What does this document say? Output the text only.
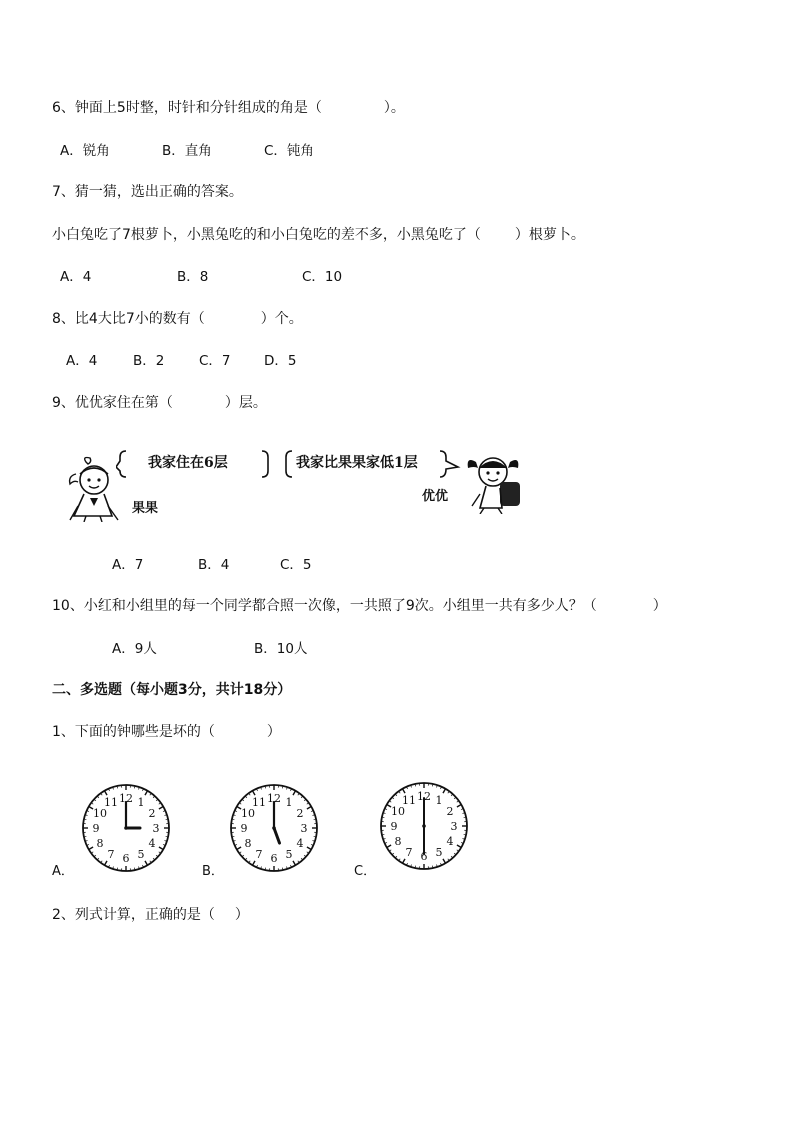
6、钟面上5时整，时针和分针组成的角是（	）。
A．锐角	B．直角	C．钝角
7、猜一猜，选出正确的答案。
小白兔吃了7根萝卜，小黑兔吃的和小白兔吃的差不多，小黑兔吃了（ ）根萝卜。
A．4	B．8	C．10
8、比4大比7小的数有（	）个。
A．4	B．2	C．7 D．5
9、优优家住在第（	）层。
我家住在6层	我家比果果家低1层
果果
优优
A．7	B．4	C．5
10、小红和小组里的每一个同学都合照一次像，一共照了9次。小组里一共有多少人？（	）
A．9人	B．10人
二、多选题（每小题3分，共计18分）
1、下面的钟哪些是坏的（	）
A．
12 1
2
3
4
5
6
7
8
9
10
11
B．
12 1
2
3
4
5
6
7
8
9
10
11
C．
12 1
2
3
4
5
6
7
8
9
10
11
2、列式计算，正确的是（ ）
